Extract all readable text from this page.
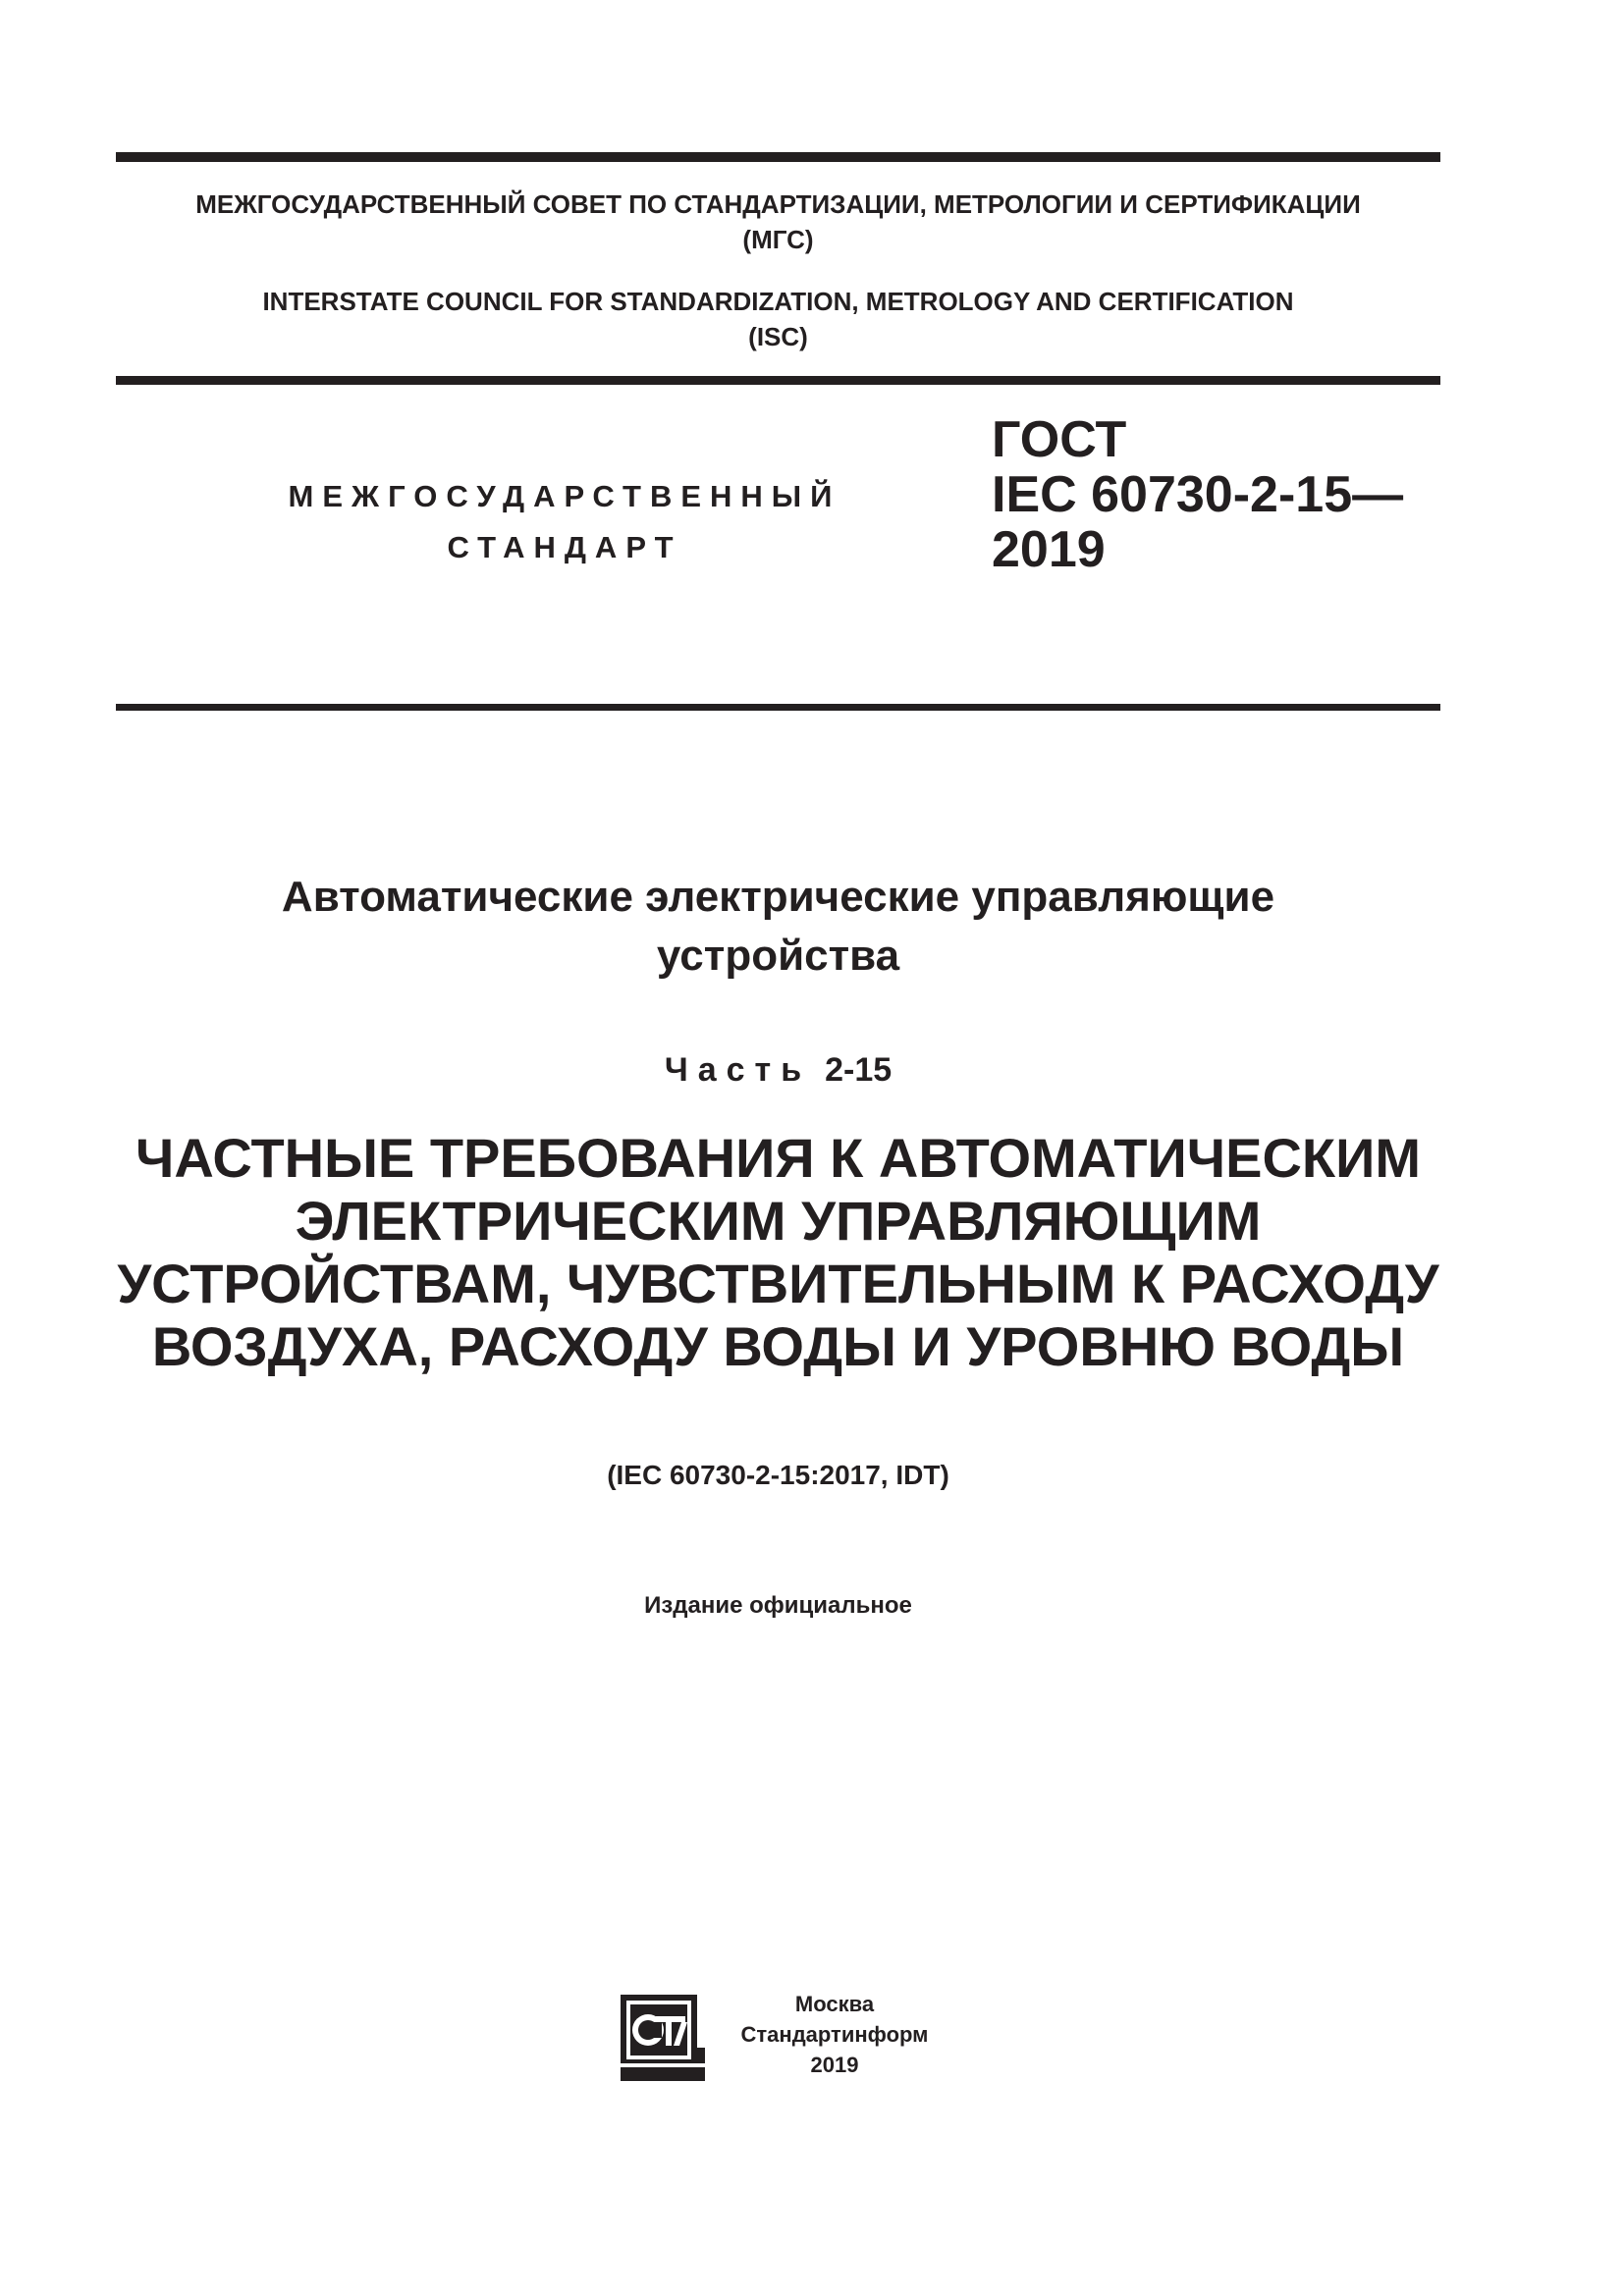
МЕЖГОСУДАРСТВЕННЫЙ СОВЕТ ПО СТАНДАРТИЗАЦИИ, МЕТРОЛОГИИ И СЕРТИФИКАЦИИ
(МГС)
INTERSTATE COUNCIL FOR STANDARDIZATION, METROLOGY AND CERTIFICATION
(ISC)
МЕЖГОСУДАРСТВЕННЫЙ
СТАНДАРТ
ГОСТ
IEC 60730-2-15—
2019
Автоматические электрические управляющие
устройства
Часть 2-15
ЧАСТНЫЕ ТРЕБОВАНИЯ К АВТОМАТИЧЕСКИМ
ЭЛЕКТРИЧЕСКИМ УПРАВЛЯЮЩИМ
УСТРОЙСТВАМ, ЧУВСТВИТЕЛЬНЫМ К РАСХОДУ
ВОЗДУХА, РАСХОДУ ВОДЫ И УРОВНЮ ВОДЫ
(IEC 60730-2-15:2017, IDT)
Издание официальное
Москва
Стандартинформ
2019
